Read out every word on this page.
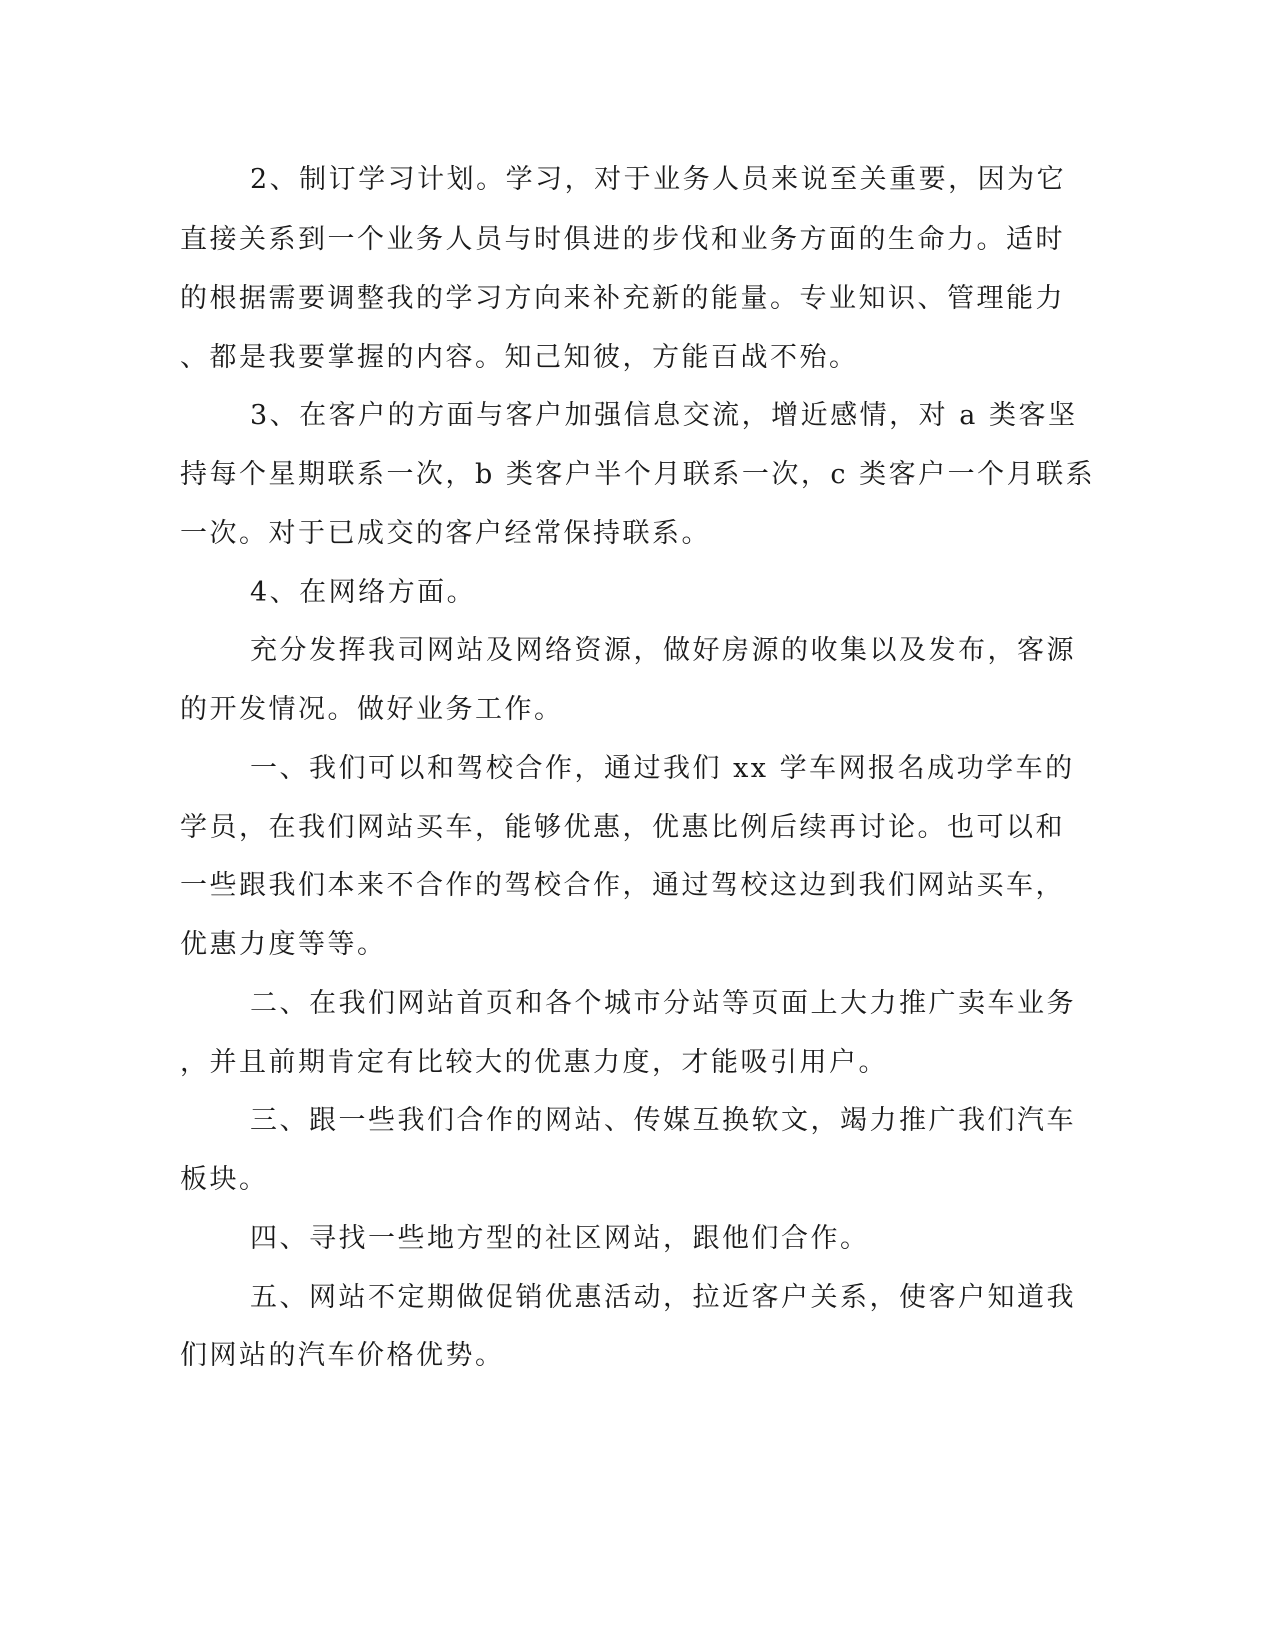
2、制订学习计划。学习，对于业务人员来说至关重要，因为它
直接关系到一个业务人员与时俱进的步伐和业务方面的生命力。适时
的根据需要调整我的学习方向来补充新的能量。专业知识、管理能力
、都是我要掌握的内容。知己知彼，方能百战不殆。
3、在客户的方面与客户加强信息交流，增近感情，对 a 类客坚
持每个星期联系一次，b 类客户半个月联系一次，c 类客户一个月联系
一次。对于已成交的客户经常保持联系。
4、在网络方面。
充分发挥我司网站及网络资源，做好房源的收集以及发布，客源
的开发情况。做好业务工作。
一、我们可以和驾校合作，通过我们 xx 学车网报名成功学车的
学员，在我们网站买车，能够优惠，优惠比例后续再讨论。也可以和
一些跟我们本来不合作的驾校合作，通过驾校这边到我们网站买车，
优惠力度等等。
二、在我们网站首页和各个城市分站等页面上大力推广卖车业务
，并且前期肯定有比较大的优惠力度，才能吸引用户。
三、跟一些我们合作的网站、传媒互换软文，竭力推广我们汽车
板块。
四、寻找一些地方型的社区网站，跟他们合作。
五、网站不定期做促销优惠活动，拉近客户关系，使客户知道我
们网站的汽车价格优势。
